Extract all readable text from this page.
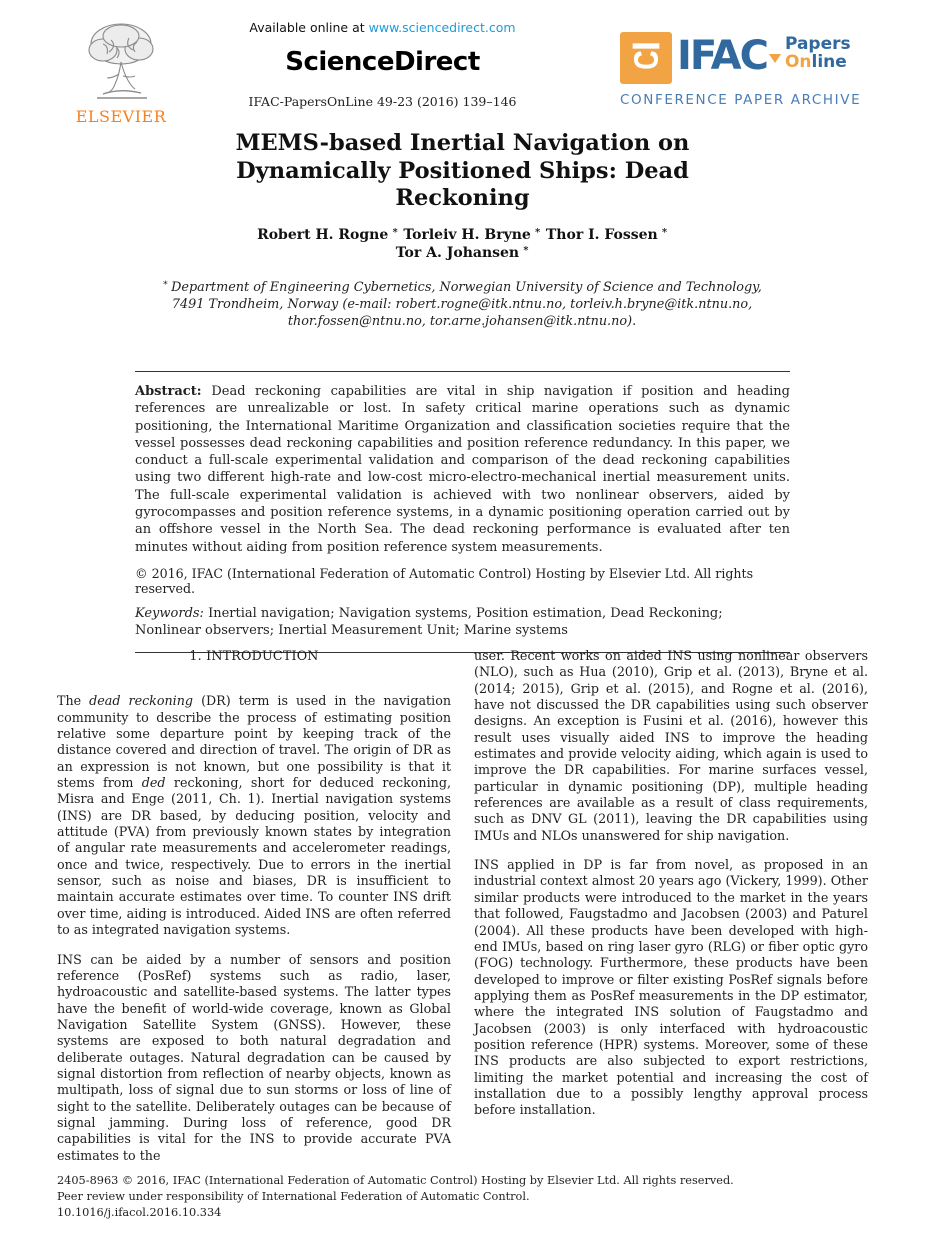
ELSEVIER
Available online at www.sciencedirect.com
ScienceDirect
IFAC-PapersOnLine 49-23 (2016) 139–146
IFAC Papers
Online
CONFERENCE PAPER ARCHIVE
MEMS-based Inertial Navigation on
Dynamically Positioned Ships: Dead
Reckoning
Robert H. Rogne ∗ Torleiv H. Bryne ∗ Thor I. Fossen ∗
Tor A. Johansen ∗
∗ Department of Engineering Cybernetics, Norwegian University of Science and Technology, 7491 Trondheim, Norway (e-mail: robert.rogne@itk.ntnu.no, torleiv.h.bryne@itk.ntnu.no, thor.fossen@ntnu.no, tor.arne.johansen@itk.ntnu.no).

Abstract: Dead reckoning capabilities are vital in ship navigation if position and heading references are unrealizable or lost. In safety critical marine operations such as dynamic positioning, the International Maritime Organization and classification societies require that the vessel possesses dead reckoning capabilities and position reference redundancy. In this paper, we conduct a full-scale experimental validation and comparison of the dead reckoning capabilities using two different high-rate and low-cost micro-electro-mechanical inertial measurement units. The full-scale experimental validation is achieved with two nonlinear observers, aided by gyrocompasses and position reference systems, in a dynamic positioning operation carried out by an offshore vessel in the North Sea. The dead reckoning performance is evaluated after ten minutes without aiding from position reference system measurements.

© 2016, IFAC (International Federation of Automatic Control) Hosting by Elsevier Ltd. All rights reserved.

Keywords: Inertial navigation; Navigation systems, Position estimation, Dead Reckoning; Nonlinear observers; Inertial Measurement Unit; Marine systems

1. INTRODUCTION

The dead reckoning (DR) term is used in the navigation community to describe the process of estimating position relative some departure point by keeping track of the distance covered and direction of travel. The origin of DR as an expression is not known, but one possibility is that it stems from ded reckoning, short for deduced reckoning, Misra and Enge (2011, Ch. 1). Inertial navigation systems (INS) are DR based, by deducing position, velocity and attitude (PVA) from previously known states by integration of angular rate measurements and accelerometer readings, once and twice, respectively. Due to errors in the inertial sensor, such as noise and biases, DR is insufficient to maintain accurate estimates over time. To counter INS drift over time, aiding is introduced. Aided INS are often referred to as integrated navigation systems.

INS can be aided by a number of sensors and position reference (PosRef) systems such as radio, laser, hydroacoustic and satellite-based systems. The latter types have the benefit of world-wide coverage, known as Global Navigation Satellite System (GNSS). However, these systems are exposed to both natural degradation and deliberate outages. Natural degradation can be caused by signal distortion from reflection of nearby objects, known as multipath, loss of signal due to sun storms or loss of line of sight to the satellite. Deliberately outages can be because of signal jamming. During loss of reference, good DR capabilities is vital for the INS to provide accurate PVA estimates to the

user. Recent works on aided INS using nonlinear observers (NLO), such as Hua (2010), Grip et al. (2013), Bryne et al. (2014; 2015), Grip et al. (2015), and Rogne et al. (2016), have not discussed the DR capabilities using such observer designs. An exception is Fusini et al. (2016), however this result uses visually aided INS to improve the heading estimates and provide velocity aiding, which again is used to improve the DR capabilities. For marine surfaces vessel, particular in dynamic positioning (DP), multiple heading references are available as a result of class requirements, such as DNV GL (2011), leaving the DR capabilities using IMUs and NLOs unanswered for ship navigation.

INS applied in DP is far from novel, as proposed in an industrial context almost 20 years ago (Vickery, 1999). Other similar products were introduced to the market in the years that followed, Faugstadmo and Jacobsen (2003) and Paturel (2004). All these products have been developed with high-end IMUs, based on ring laser gyro (RLG) or fiber optic gyro (FOG) technology. Furthermore, these products have been developed to improve or filter existing PosRef signals before applying them as PosRef measurements in the DP estimator, where the integrated INS solution of Faugstadmo and Jacobsen (2003) is only interfaced with hydroacoustic position reference (HPR) systems. Moreover, some of these INS products are also subjected to export restrictions, limiting the market potential and increasing the cost of installation due to a possibly lengthy approval process before installation.

2405-8963 © 2016, IFAC (International Federation of Automatic Control) Hosting by Elsevier Ltd. All rights reserved.
Peer review under responsibility of International Federation of Automatic Control.
10.1016/j.ifacol.2016.10.334
